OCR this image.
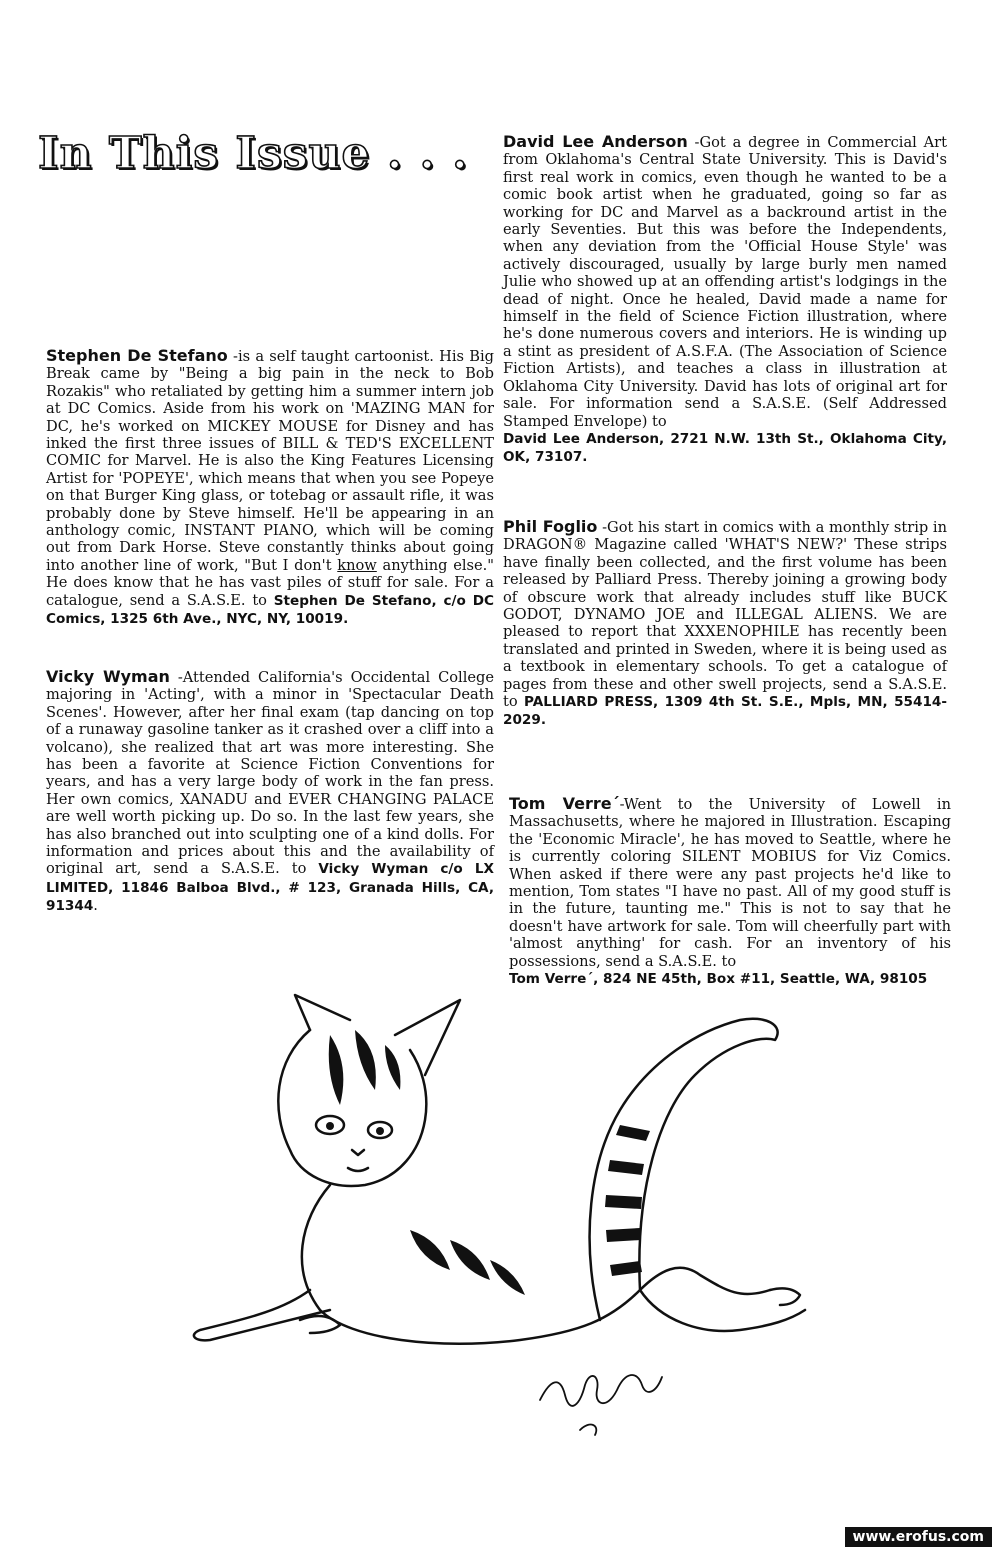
In This Issue . . .

Stephen De Stefano -is a self taught cartoonist. His Big Break came by "Being a big pain in the neck to Bob Rozakis" who retaliated by getting him a summer intern job at DC Comics. Aside from his work on 'MAZING MAN for DC, he's worked on MICKEY MOUSE for Disney and has inked the first three issues of BILL & TED'S EXCELLENT COMIC for Marvel. He is also the King Features Licensing Artist for 'POPEYE', which means that when you see Popeye on that Burger King glass, or totebag or assault rifle, it was probably done by Steve himself. He'll be appearing in an anthology comic, INSTANT PIANO, which will be coming out from Dark Horse. Steve constantly thinks about going into another line of work, "But I don't know anything else." He does know that he has vast piles of stuff for sale. For a catalogue, send a S.A.S.E. to Stephen De Stefano, c/o DC Comics, 1325 6th Ave., NYC, NY, 10019.

Vicky Wyman -Attended California's Occidental College majoring in 'Acting', with a minor in 'Spectacular Death Scenes'. However, after her final exam (tap dancing on top of a runaway gasoline tanker as it crashed over a cliff into a volcano), she realized that art was more interesting. She has been a favorite at Science Fiction Conventions for years, and has a very large body of work in the fan press. Her own comics, XANADU and EVER CHANGING PALACE are well worth picking up. Do so. In the last few years, she has also branched out into sculpting one of a kind dolls. For information and prices about this and the availability of original art, send a S.A.S.E. to Vicky Wyman c/o LX LIMITED, 11846 Balboa Blvd., # 123, Granada Hills, CA, 91344.

David Lee Anderson -Got a degree in Commercial Art from Oklahoma's Central State University. This is David's first real work in comics, even though he wanted to be a comic book artist when he graduated, going so far as working for DC and Marvel as a backround artist in the early Seventies. But this was before the Independents, when any deviation from the 'Official House Style' was actively discouraged, usually by large burly men named Julie who showed up at an offending artist's lodgings in the dead of night. Once he healed, David made a name for himself in the field of Science Fiction illustration, where he's done numerous covers and interiors. He is winding up a stint as president of A.S.F.A. (The Association of Science Fiction Artists), and teaches a class in illustration at Oklahoma City University. David has lots of original art for sale. For information send a S.A.S.E. (Self Addressed Stamped Envelope) to
David Lee Anderson, 2721 N.W. 13th St., Oklahoma City, OK, 73107.

Phil Foglio -Got his start in comics with a monthly strip in DRAGON® Magazine called 'WHAT'S NEW?' These strips have finally been collected, and the first volume has been released by Palliard Press. Thereby joining a growing body of obscure work that already includes stuff like BUCK GODOT, DYNAMO JOE and ILLEGAL ALIENS. We are pleased to report that XXXENOPHILE has recently been translated and printed in Sweden, where it is being used as a textbook in elementary schools. To get a catalogue of pages from these and other swell projects, send a S.A.S.E. to PALLIARD PRESS, 1309 4th St. S.E., Mpls, MN, 55414-2029.

Tom Verre´-Went to the University of Lowell in Massachusetts, where he majored in Illustration. Escaping the 'Economic Miracle', he has moved to Seattle, where he is currently coloring SILENT MOBIUS for Viz Comics. When asked if there were any past projects he'd like to mention, Tom states "I have no past. All of my good stuff is in the future, taunting me." This is not to say that he doesn't have artwork for sale. Tom will cheerfully part with 'almost anything' for cash. For an inventory of his possessions, send a S.A.S.E. to
Tom Verre´, 824 NE 45th, Box #11, Seattle, WA, 98105

www.erofus.com
